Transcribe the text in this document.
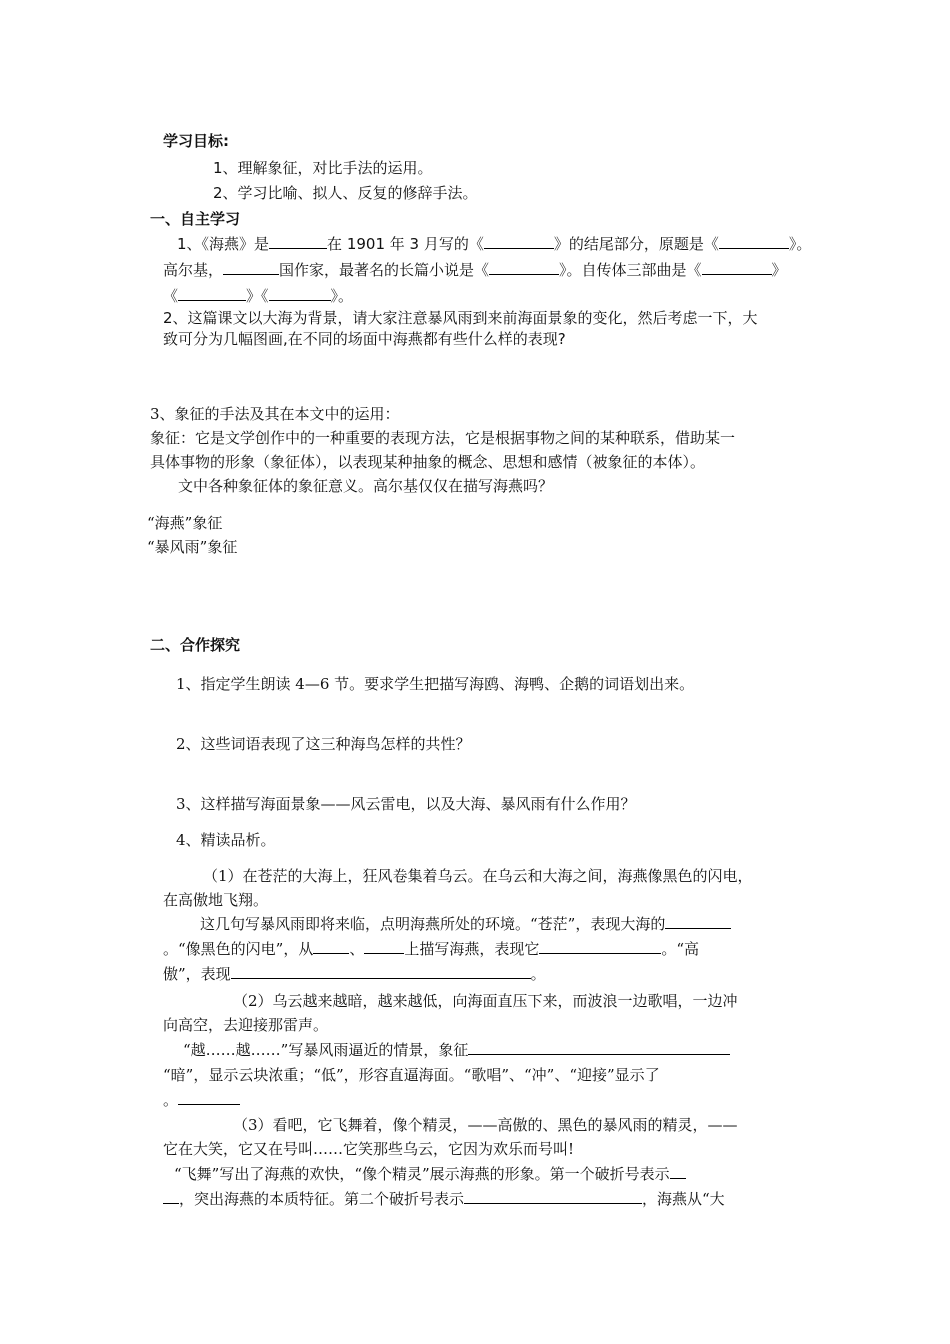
学习目标:
1、理解象征，对比手法的运用。
2、学习比喻、拟人、反复的修辞手法。
一、自主学习
1、《海燕》是	在 1901 年 3 月写的《	》的结尾部分，原题是《	》。
高尔基，	国作家，最著名的长篇小说是《	》。自传体三部曲是《	》
《	》《	》。
2、这篇课文以大海为背景，请大家注意暴风雨到来前海面景象的变化，然后考虑一下，大
致可分为几幅图画,在不同的场面中海燕都有些什么样的表现?
3、象征的手法及其在本文中的运用：
象征：它是文学创作中的一种重要的表现方法，它是根据事物之间的某种联系，借助某一
具体事物的形象（象征体），以表现某种抽象的概念、思想和感情（被象征的本体）。
文中各种象征体的象征意义。高尔基仅仅在描写海燕吗？
“海燕”象征
“暴风雨”象征
二、合作探究
1、指定学生朗读 4—6 节。要求学生把描写海鸥、海鸭、企鹅的词语划出来。
2、这些词语表现了这三种海鸟怎样的共性？
3、这样描写海面景象——风云雷电，以及大海、暴风雨有什么作用？
4、精读品析。
（1）在苍茫的大海上，狂风卷集着乌云。在乌云和大海之间，海燕像黑色的闪电，
在高傲地飞翔。
这几句写暴风雨即将来临，点明海燕所处的环境。“苍茫”，表现大海的
。“像黑色的闪电”，从 、	上描写海燕，表现它	。“高
傲”，表现	。
（2）乌云越来越暗，越来越低，向海面直压下来，而波浪一边歌唱，一边冲
向高空，去迎接那雷声。
“越……越……”写暴风雨逼近的情景，象征
“暗”，显示云块浓重；“低”，形容直逼海面。“歌唱”、“冲”、“迎接”显示了
。
（3）看吧，它飞舞着，像个精灵，——高傲的、黑色的暴风雨的精灵，——
它在大笑，它又在号叫……它笑那些乌云，它因为欢乐而号叫!
“飞舞”写出了海燕的欢快，“像个精灵”展示海燕的形象。第一个破折号表示
，突出海燕的本质特征。第二个破折号表示	，海燕从“大
